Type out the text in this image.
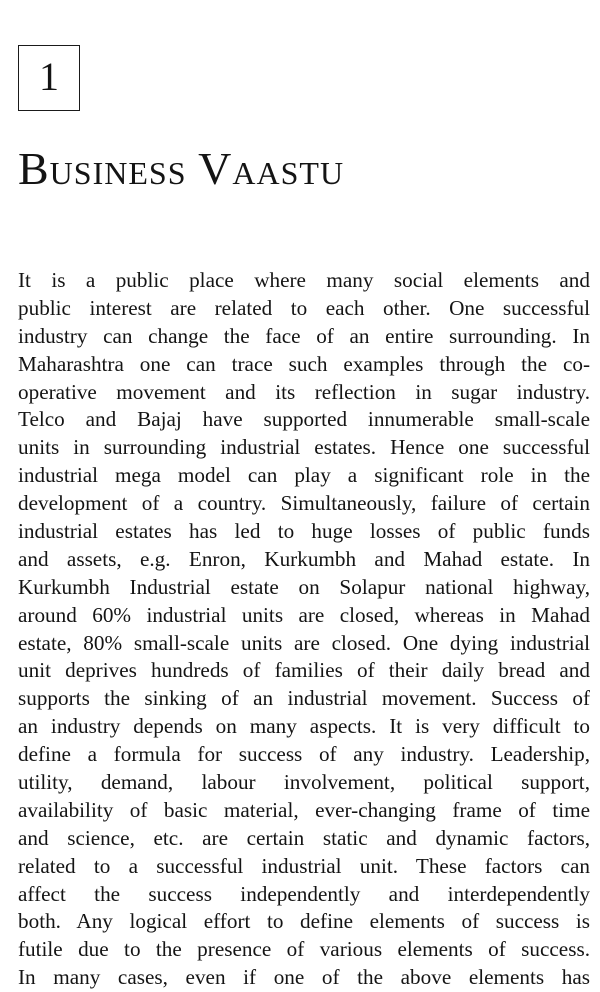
1
Business Vaastu
It is a public place where many social elements and
public interest are related to each other. One successful
industry can change the face of an entire surrounding. In
Maharashtra one can trace such examples through the co-
operative movement and its reflection in sugar industry.
Telco and Bajaj have supported innumerable small-scale
units in surrounding industrial estates. Hence one successful
industrial mega model can play a significant role in the
development of a country. Simultaneously, failure of certain
industrial estates has led to huge losses of public funds
and assets, e.g. Enron, Kurkumbh and Mahad estate. In
Kurkumbh Industrial estate on Solapur national highway,
around 60% industrial units are closed, whereas in Mahad
estate, 80% small-scale units are closed. One dying industrial
unit deprives hundreds of families of their daily bread and
supports the sinking of an industrial movement. Success of
an industry depends on many aspects. It is very difficult to
define a formula for success of any industry. Leadership,
utility, demand, labour involvement, political support,
availability of basic material, ever-changing frame of time
and science, etc. are certain static and dynamic factors,
related to a successful industrial unit. These factors can
affect the success independently and interdependently
both. Any logical effort to define elements of success is
futile due to the presence of various elements of success.
In many cases, even if one of the above elements has
